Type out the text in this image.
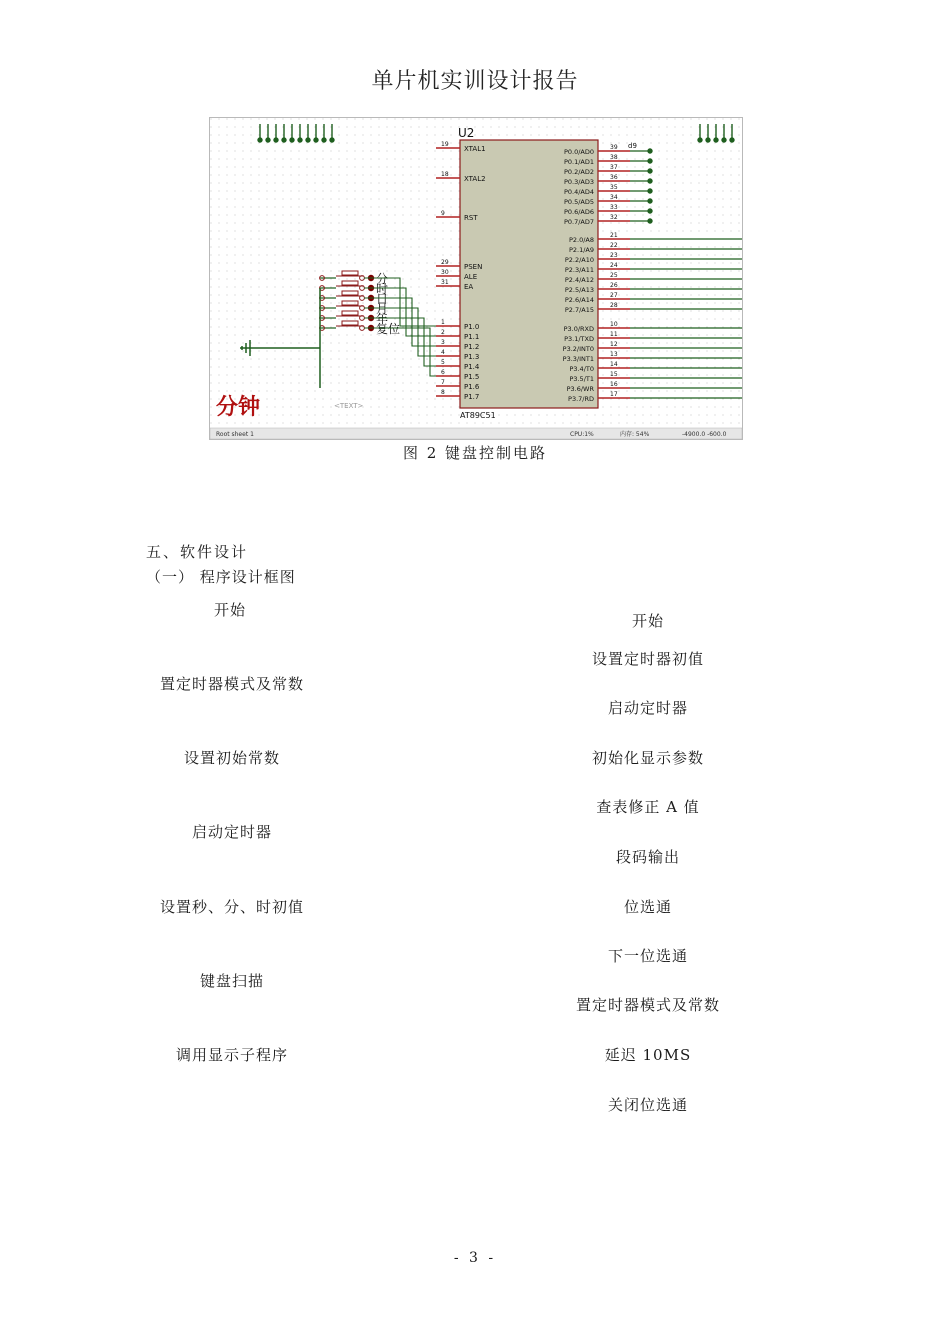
单片机实训设计报告
U2
AT89C51
19
XTAL1
18
XTAL2
9
RST
29
PSEN
30
ALE
31
EA
1
P1.0
2
P1.1
3
P1.2
4
P1.3
5
P1.4
6
P1.5
7
P1.6
8
P1.7
39
P0.0/AD0
38
P0.1/AD1
37
P0.2/AD2
36
P0.3/AD3
35
P0.4/AD4
34
P0.5/AD5
33
P0.6/AD6
32
P0.7/AD7
21
P2.0/A8
22
P2.1/A9
23
P2.2/A10
24
P2.3/A11
25
P2.4/A12
26
P2.5/A13
27
P2.6/A14
28
P2.7/A15
10
P3.0/RXD
11
P3.1/TXD
12
P3.2/INT0
13
P3.3/INT1
14
P3.4/T0
15
P3.5/T1
16
P3.6/WR
17
P3.7/RD
d9
分
时
日
月
年
复位
分钟	<TEXT>
Root sheet 1	CPU:1%	内存: 54%	-4900.0 -600.0
图 2 键盘控制电路
五、软件设计
（一） 程序设计框图
开始
置定时器模式及常数
设置初始常数
启动定时器
设置秒、分、时初值
键盘扫描
调用显示子程序
开始
设置定时器初值
启动定时器
初始化显示参数
查表修正 A 值
段码输出
位选通
下一位选通
置定时器模式及常数
延迟 10MS
关闭位选通
- 3 -
